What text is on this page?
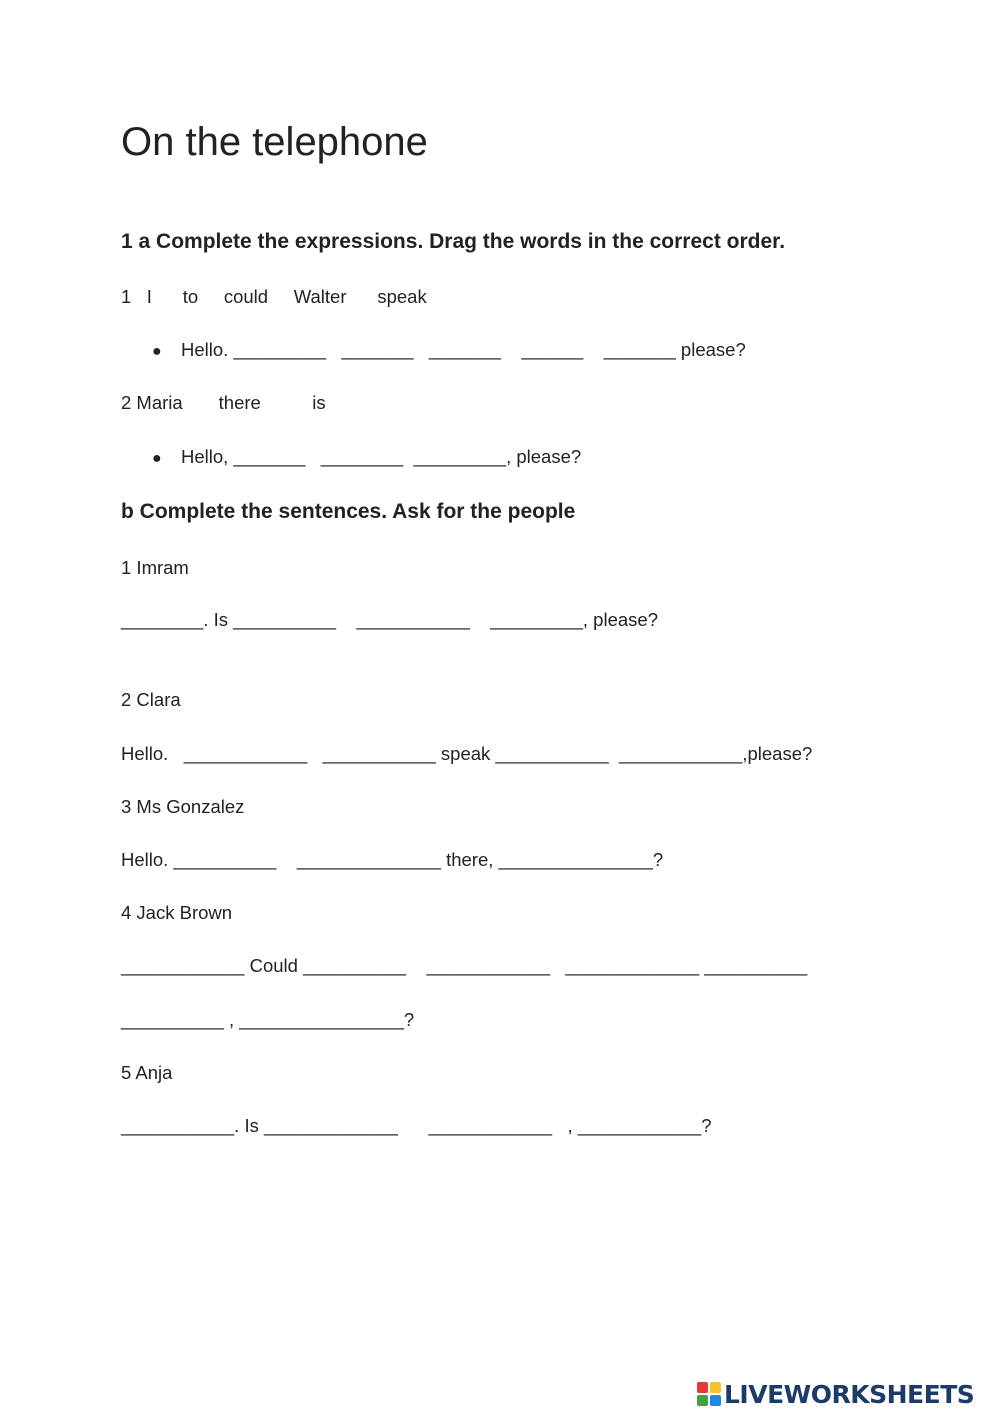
On the telephone
1 a Complete the expressions. Drag the words in the correct order.
1   I      to     could     Walter      speak
● Hello. _________   _______   _______    ______    _______ please?
2 Maria       there          is
● Hello, _______   ________  _________, please?
b Complete the sentences. Ask for the people
1 Imram
________. Is __________    ___________    _________, please?
2 Clara
Hello.   ____________   ___________ speak ___________  ____________,please?
3 Ms Gonzalez
Hello. __________    ______________ there, _______________?
4 Jack Brown
____________ Could __________    ____________   _____________ __________
__________ , ________________?
5 Anja
___________. Is _____________      ____________   , ____________?
LIVEWORKSHEETS
